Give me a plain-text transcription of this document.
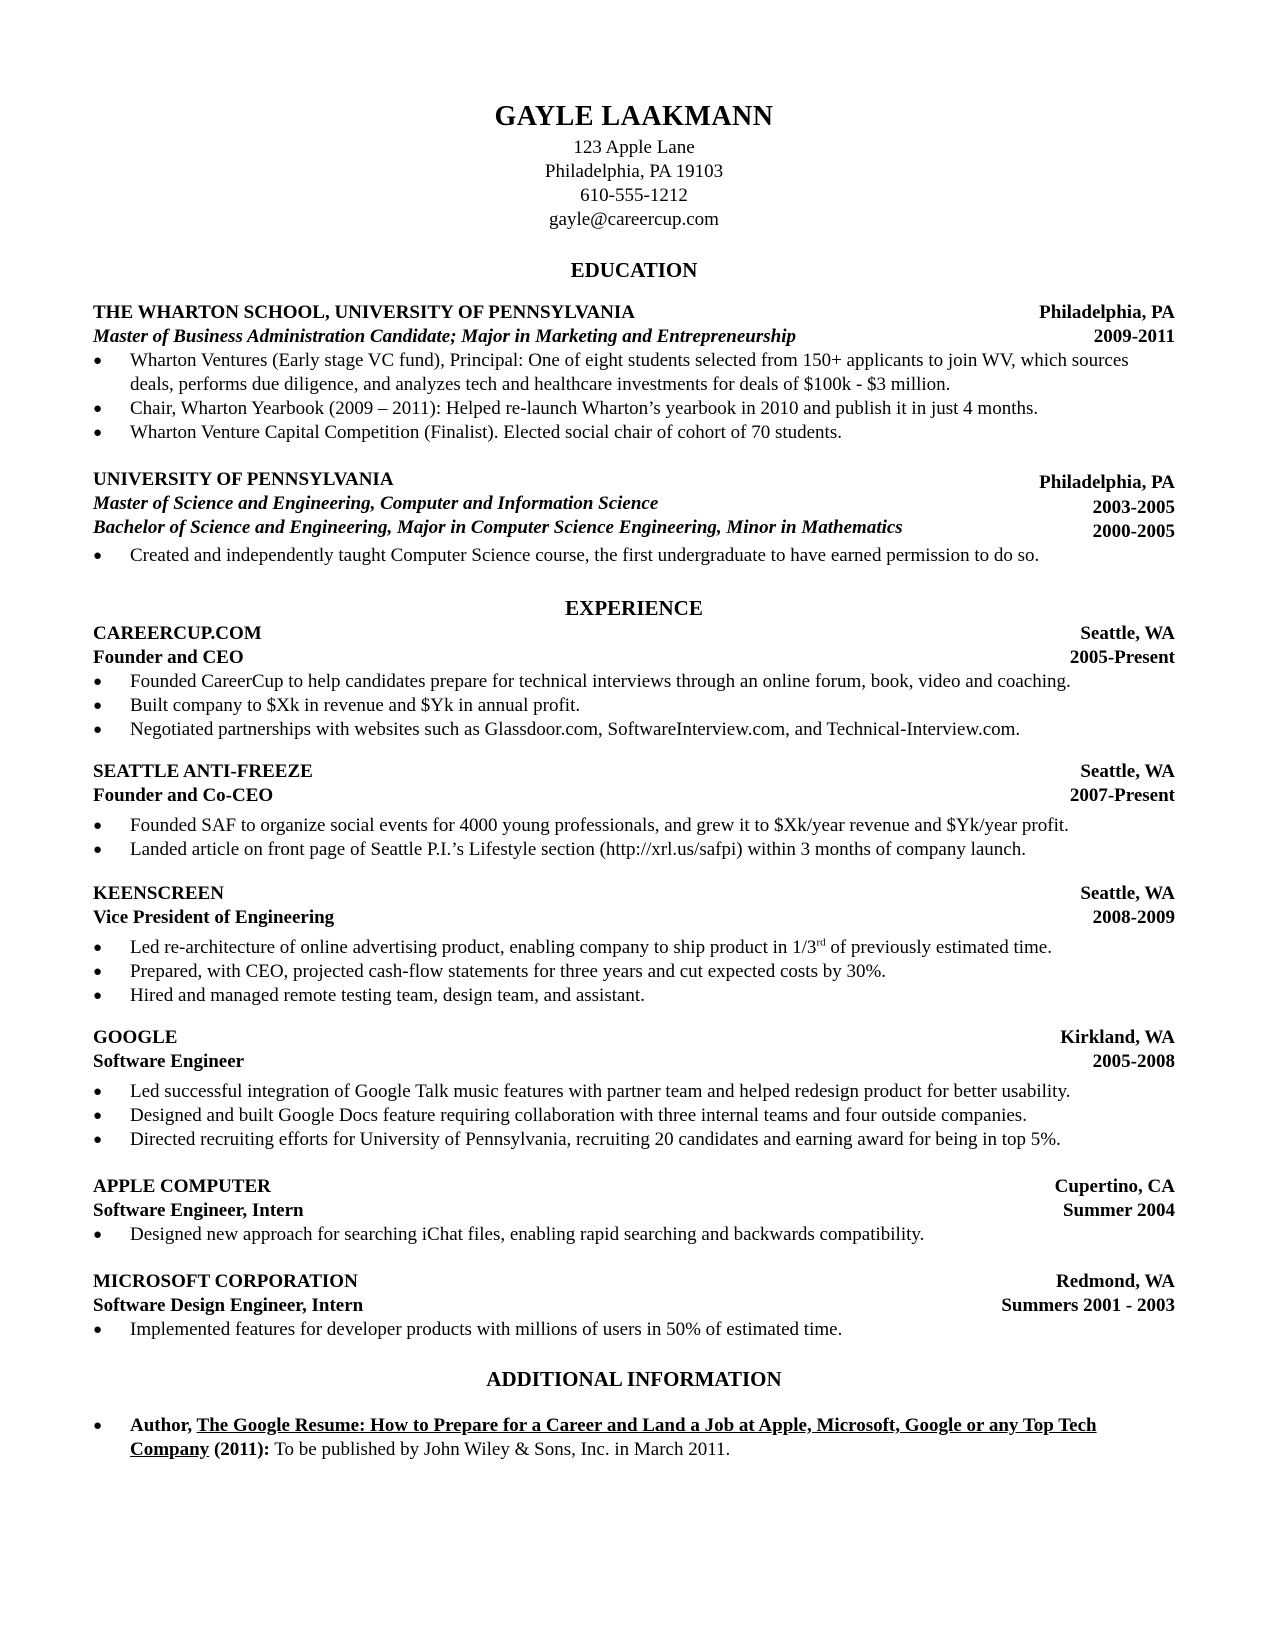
GAYLE LAAKMANN
123 Apple Lane
Philadelphia, PA 19103
610-555-1212
gayle@careercup.com
EDUCATION
THE WHARTON SCHOOL, UNIVERSITY OF PENNSYLVANIA	Philadelphia, PA
Master of Business Administration Candidate; Major in Marketing and Entrepreneurship	2009-2011
● Wharton Ventures (Early stage VC fund), Principal: One of eight students selected from 150+ applicants to join WV, which sources deals, performs due diligence, and analyzes tech and healthcare investments for deals of $100k - $3 million.
● Chair, Wharton Yearbook (2009 – 2011): Helped re-launch Wharton’s yearbook in 2010 and publish it in just 4 months.
● Wharton Venture Capital Competition (Finalist). Elected social chair of cohort of 70 students.
UNIVERSITY OF PENNSYLVANIA	Philadelphia, PA
Master of Science and Engineering, Computer and Information Science	2003-2005
Bachelor of Science and Engineering, Major in Computer Science Engineering, Minor in Mathematics	2000-2005
● Created and independently taught Computer Science course, the first undergraduate to have earned permission to do so.
EXPERIENCE
CAREERCUP.COM	Seattle, WA
Founder and CEO	2005-Present
● Founded CareerCup to help candidates prepare for technical interviews through an online forum, book, video and coaching.
● Built company to $Xk in revenue and $Yk in annual profit.
● Negotiated partnerships with websites such as Glassdoor.com, SoftwareInterview.com, and Technical-Interview.com.
SEATTLE ANTI-FREEZE	Seattle, WA
Founder and Co-CEO	2007-Present
● Founded SAF to organize social events for 4000 young professionals, and grew it to $Xk/year revenue and $Yk/year profit.
● Landed article on front page of Seattle P.I.’s Lifestyle section (http://xrl.us/safpi) within 3 months of company launch.
KEENSCREEN	Seattle, WA
Vice President of Engineering	2008-2009
● Led re-architecture of online advertising product, enabling company to ship product in 1/3rd of previously estimated time.
● Prepared, with CEO, projected cash-flow statements for three years and cut expected costs by 30%.
● Hired and managed remote testing team, design team, and assistant.
GOOGLE	Kirkland, WA
Software Engineer	2005-2008
● Led successful integration of Google Talk music features with partner team and helped redesign product for better usability.
● Designed and built Google Docs feature requiring collaboration with three internal teams and four outside companies.
● Directed recruiting efforts for University of Pennsylvania, recruiting 20 candidates and earning award for being in top 5%.
APPLE COMPUTER	Cupertino, CA
Software Engineer, Intern	Summer 2004
● Designed new approach for searching iChat files, enabling rapid searching and backwards compatibility.
MICROSOFT CORPORATION	Redmond, WA
Software Design Engineer, Intern	Summers 2001 - 2003
● Implemented features for developer products with millions of users in 50% of estimated time.
ADDITIONAL INFORMATION
● Author, The Google Resume: How to Prepare for a Career and Land a Job at Apple, Microsoft, Google or any Top Tech Company (2011): To be published by John Wiley & Sons, Inc. in March 2011.
